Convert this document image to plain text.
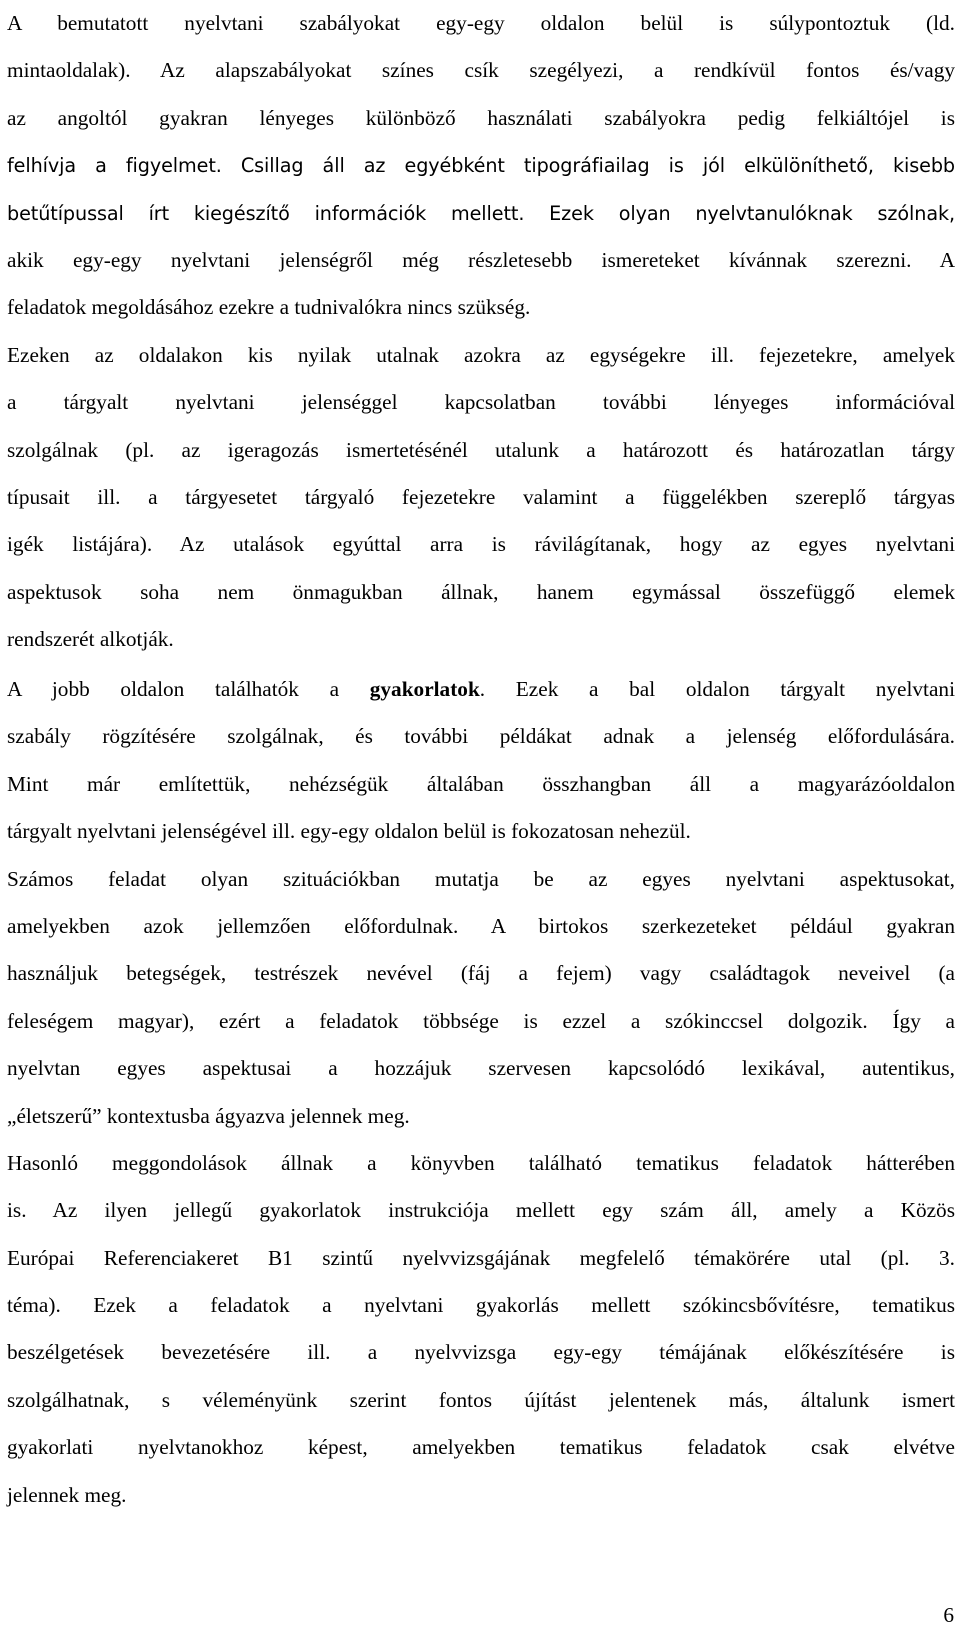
A bemutatott nyelvtani szabályokat egy-egy oldalon belül is súlypontoztuk (ld.
mintaoldalak). Az alapszabályokat színes csík szegélyezi, a rendkívül fontos és/vagy
az angoltól gyakran lényeges különböző használati szabályokra pedig felkiáltójel is
felhívja a figyelmet. Csillag áll az egyébként tipográfiailag is jól elkülöníthető, kisebb
betűtípussal írt kiegészítő információk mellett. Ezek olyan nyelvtanulóknak szólnak,
akik egy-egy nyelvtani jelenségről még részletesebb ismereteket kívánnak szerezni. A
feladatok megoldásához ezekre a tudnivalókra nincs szükség.
Ezeken az oldalakon kis nyilak utalnak azokra az egységekre ill. fejezetekre, amelyek
a tárgyalt nyelvtani jelenséggel kapcsolatban további lényeges információval
szolgálnak (pl. az igeragozás ismertetésénél utalunk a határozott és határozatlan tárgy
típusait ill. a tárgyesetet tárgyaló fejezetekre valamint a függelékben szereplő tárgyas
igék listájára). Az utalások egyúttal arra is rávilágítanak, hogy az egyes nyelvtani
aspektusok soha nem önmagukban állnak, hanem egymással összefüggő elemek
rendszerét alkotják.
A jobb oldalon találhatók a gyakorlatok. Ezek a bal oldalon tárgyalt nyelvtani
szabály rögzítésére szolgálnak, és további példákat adnak a jelenség előfordulására.
Mint már említettük, nehézségük általában összhangban áll a magyarázóoldalon
tárgyalt nyelvtani jelenségével ill. egy-egy oldalon belül is fokozatosan nehezül.
Számos feladat olyan szituációkban mutatja be az egyes nyelvtani aspektusokat,
amelyekben azok jellemzően előfordulnak. A birtokos szerkezeteket például gyakran
használjuk betegségek, testrészek nevével (fáj a fejem) vagy családtagok neveivel (a
feleségem magyar), ezért a feladatok többsége is ezzel a szókinccsel dolgozik. Így a
nyelvtan egyes aspektusai a hozzájuk szervesen kapcsolódó lexikával, autentikus,
„életszerű” kontextusba ágyazva jelennek meg.
Hasonló meggondolások állnak a könyvben található tematikus feladatok hátterében
is. Az ilyen jellegű gyakorlatok instrukciója mellett egy szám áll, amely a Közös
Európai Referenciakeret B1 szintű nyelvvizsgájának megfelelő témakörére utal (pl. 3.
téma). Ezek a feladatok a nyelvtani gyakorlás mellett szókincsbővítésre, tematikus
beszélgetések bevezetésére ill. a nyelvvizsga egy-egy témájának előkészítésére is
szolgálhatnak, s véleményünk szerint fontos újítást jelentenek más, általunk ismert
gyakorlati nyelvtanokhoz képest, amelyekben tematikus feladatok csak elvétve
jelennek meg.
6
